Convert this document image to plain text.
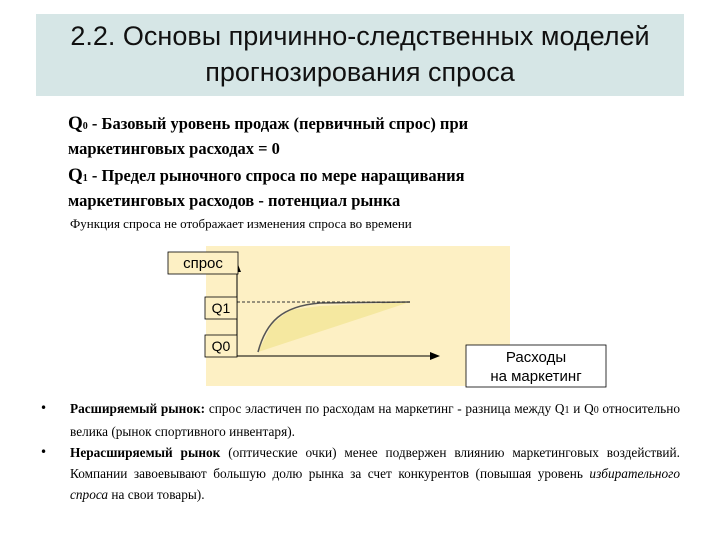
2.2. Основы причинно-следственных моделей прогнозирования спроса
Q0 - Базовый уровень продаж (первичный спрос) при
маркетинговых расходах = 0
Q1 - Предел рыночного спроса по мере наращивания
маркетинговых расходов - потенциал рынка
Функция спроса не отображает изменения спроса во времени
спрос
Q1
Q0
Расходы
на маркетинг
• Расширяемый рынок: спрос эластичен по расходам на маркетинг - разница между Q1 и Q0 относительно велика (рынок спортивного инвентаря).
• Нерасширяемый рынок (оптические очки) менее подвержен влиянию маркетинговых воздействий. Компании завоевывают большую долю рынка за счет конкурентов (повышая уровень избирательного спроса на свои товары).
